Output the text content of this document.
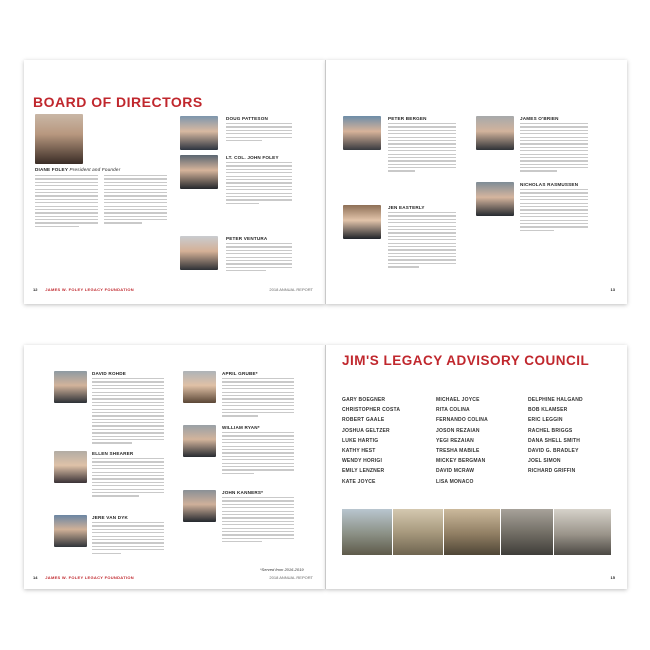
BOARD OF DIRECTORS
DIANE FOLEY President and Founder
DOUG PATTESON
LT. COL. JOHN FOLEY
PETER VENTURA
12 JAMES W. FOLEY LEGACY FOUNDATION	2018 ANNUAL REPORT
PETER BERGEN
JEN EASTERLY
JAMES O'BRIEN
NICHOLAS RASMUSSEN
13
DAVID ROHDE
ELLEN SHEARER
JERE VAN DYK
APRIL GRUBE*
WILLIAM RYAN*
JOHN KANNERS*
*Served from 2016-2019
14 JAMES W. FOLEY LEGACY FOUNDATION	2018 ANNUAL REPORT
JIM'S LEGACY ADVISORY COUNCIL
GARY BOEGNER
CHRISTOPHER COSTA
ROBERT GAALE
JOSHUA GELTZER
LUKE HARTIG
KATHY HEST
WENDY HORIGI
EMILY LENZNER
KATE JOYCE
MICHAEL JOYCE
RITA COLINA
FERNANDO COLINA
JOSON REZAIAN
YEGI REZAIAN
TRESHA MABILE
MICKEY BERGMAN
DAVID MCRAW
LISA MONACO
DELPHINE HALGAND
BOB KLAMSER
ERIC LEGGIN
RACHEL BRIGGS
DANA SHELL SMITH
DAVID G. BRADLEY
JOEL SIMON
RICHARD GRIFFIN
15
